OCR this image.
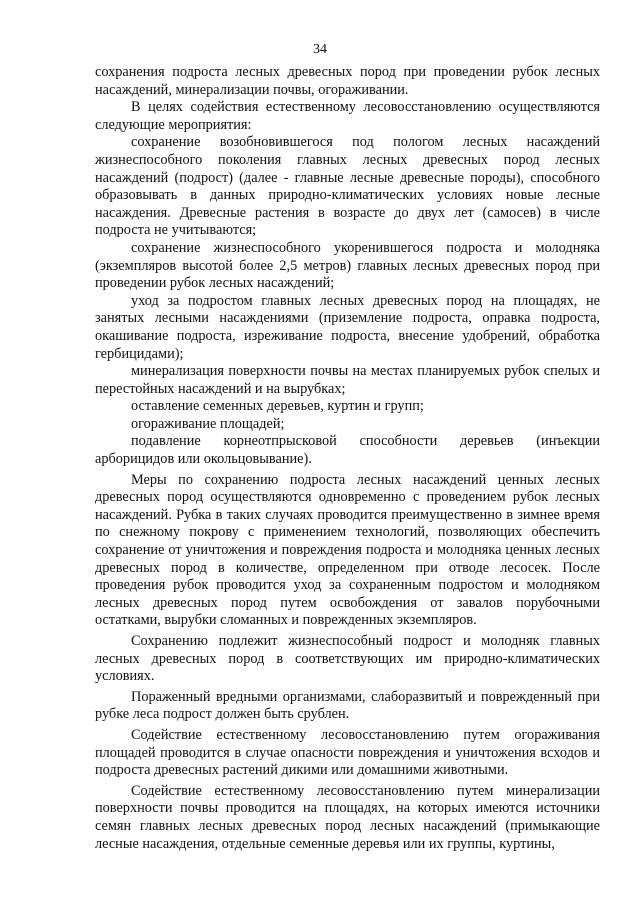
34

сохранения подроста лесных древесных пород при проведении рубок лесных насаждений, минерализации почвы, огораживании.

В целях содействия естественному лесовосстановлению осуществляются следующие мероприятия:

сохранение возобновившегося под пологом лесных насаждений жизнеспособного поколения главных лесных древесных пород лесных насаждений (подрост) (далее - главные лесные древесные породы), способного образовывать в данных природно-климатических условиях новые лесные насаждения. Древесные растения в возрасте до двух лет (самосев) в числе подроста не учитываются;

сохранение жизнеспособного укоренившегося подроста и молодняка (экземпляров высотой более 2,5 метров) главных лесных древесных пород при проведении рубок лесных насаждений;

уход за подростом главных лесных древесных пород на площадях, не занятых лесными насаждениями (приземление подроста, оправка подроста, окашивание подроста, изреживание подроста, внесение удобрений, обработка гербицидами);

минерализация поверхности почвы на местах планируемых рубок спелых и перестойных насаждений и на вырубках;

оставление семенных деревьев, куртин и групп;

огораживание площадей;

подавление корнеотпрысковой способности деревьев (инъекции арборицидов или окольцовывание).

Меры по сохранению подроста лесных насаждений ценных лесных древесных пород осуществляются одновременно с проведением рубок лесных насаждений. Рубка в таких случаях проводится преимущественно в зимнее время по снежному покрову с применением технологий, позволяющих обеспечить сохранение от уничтожения и повреждения подроста и молодняка ценных лесных древесных пород в количестве, определенном при отводе лесосек. После проведения рубок проводится уход за сохраненным подростом и молодняком лесных древесных пород путем освобождения от завалов порубочными остатками, вырубки сломанных и поврежденных экземпляров.

Сохранению подлежит жизнеспособный подрост и молодняк главных лесных древесных пород в соответствующих им природно-климатических условиях.

Пораженный вредными организмами, слаборазвитый и поврежденный при рубке леса подрост должен быть срублен.

Содействие естественному лесовосстановлению путем огораживания площадей проводится в случае опасности повреждения и уничтожения всходов и подроста древесных растений дикими или домашними животными.

Содействие естественному лесовосстановлению путем минерализации поверхности почвы проводится на площадях, на которых имеются источники семян главных лесных древесных пород лесных насаждений (примыкающие лесные насаждения, отдельные семенные деревья или их группы, куртины,
